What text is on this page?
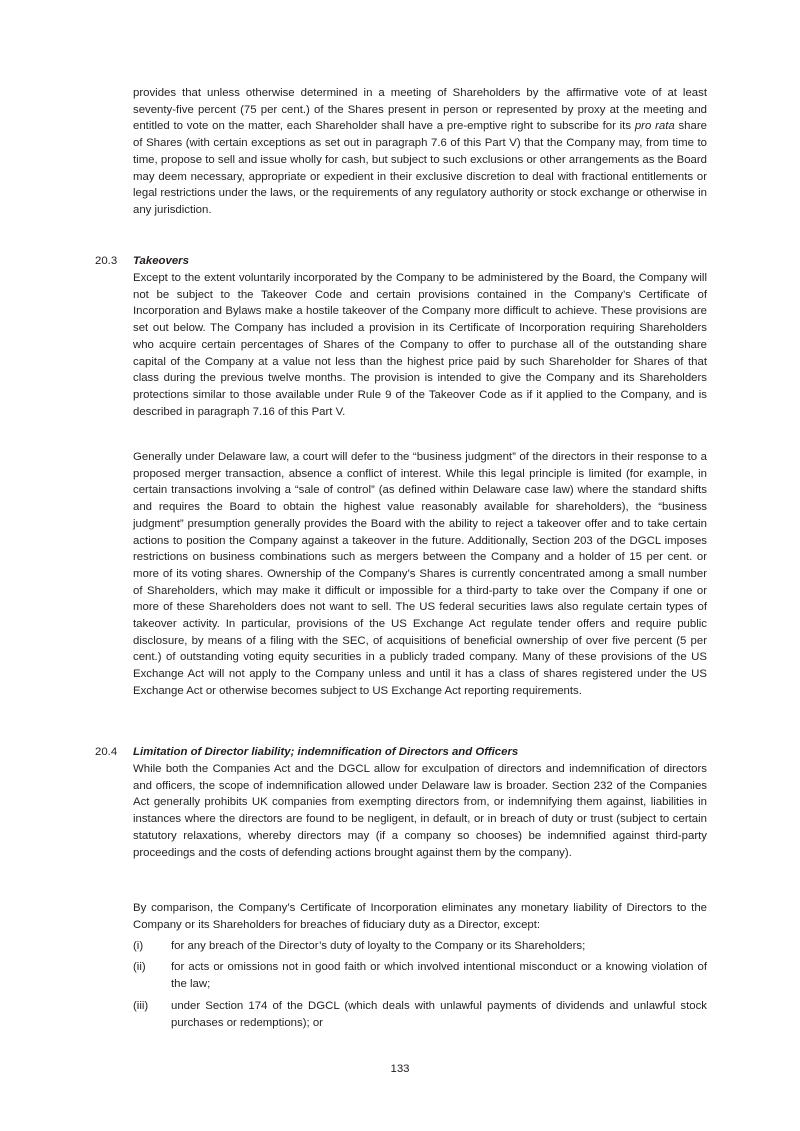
provides that unless otherwise determined in a meeting of Shareholders by the affirmative vote of at least seventy-five percent (75 per cent.) of the Shares present in person or represented by proxy at the meeting and entitled to vote on the matter, each Shareholder shall have a pre-emptive right to subscribe for its pro rata share of Shares (with certain exceptions as set out in paragraph 7.6 of this Part V) that the Company may, from time to time, propose to sell and issue wholly for cash, but subject to such exclusions or other arrangements as the Board may deem necessary, appropriate or expedient in their exclusive discretion to deal with fractional entitlements or legal restrictions under the laws, or the requirements of any regulatory authority or stock exchange or otherwise in any jurisdiction.

20.3 Takeovers

Except to the extent voluntarily incorporated by the Company to be administered by the Board, the Company will not be subject to the Takeover Code and certain provisions contained in the Company’s Certificate of Incorporation and Bylaws make a hostile takeover of the Company more difficult to achieve. These provisions are set out below. The Company has included a provision in its Certificate of Incorporation requiring Shareholders who acquire certain percentages of Shares of the Company to offer to purchase all of the outstanding share capital of the Company at a value not less than the highest price paid by such Shareholder for Shares of that class during the previous twelve months. The provision is intended to give the Company and its Shareholders protections similar to those available under Rule 9 of the Takeover Code as if it applied to the Company, and is described in paragraph 7.16 of this Part V.

Generally under Delaware law, a court will defer to the “business judgment” of the directors in their response to a proposed merger transaction, absence a conflict of interest. While this legal principle is limited (for example, in certain transactions involving a “sale of control” (as defined within Delaware case law) where the standard shifts and requires the Board to obtain the highest value reasonably available for shareholders), the “business judgment” presumption generally provides the Board with the ability to reject a takeover offer and to take certain actions to position the Company against a takeover in the future. Additionally, Section 203 of the DGCL imposes restrictions on business combinations such as mergers between the Company and a holder of 15 per cent. or more of its voting shares. Ownership of the Company’s Shares is currently concentrated among a small number of Shareholders, which may make it difficult or impossible for a third-party to take over the Company if one or more of these Shareholders does not want to sell. The US federal securities laws also regulate certain types of takeover activity. In particular, provisions of the US Exchange Act regulate tender offers and require public disclosure, by means of a filing with the SEC, of acquisitions of beneficial ownership of over five percent (5 per cent.) of outstanding voting equity securities in a publicly traded company. Many of these provisions of the US Exchange Act will not apply to the Company unless and until it has a class of shares registered under the US Exchange Act or otherwise becomes subject to US Exchange Act reporting requirements.

20.4 Limitation of Director liability; indemnification of Directors and Officers

While both the Companies Act and the DGCL allow for exculpation of directors and indemnification of directors and officers, the scope of indemnification allowed under Delaware law is broader. Section 232 of the Companies Act generally prohibits UK companies from exempting directors from, or indemnifying them against, liabilities in instances where the directors are found to be negligent, in default, or in breach of duty or trust (subject to certain statutory relaxations, whereby directors may (if a company so chooses) be indemnified against third-party proceedings and the costs of defending actions brought against them by the company).

By comparison, the Company’s Certificate of Incorporation eliminates any monetary liability of Directors to the Company or its Shareholders for breaches of fiduciary duty as a Director, except:

(i)	for any breach of the Director’s duty of loyalty to the Company or its Shareholders;

(ii)	for acts or omissions not in good faith or which involved intentional misconduct or a knowing violation of the law;

(iii)	under Section 174 of the DGCL (which deals with unlawful payments of dividends and unlawful stock purchases or redemptions); or

133
